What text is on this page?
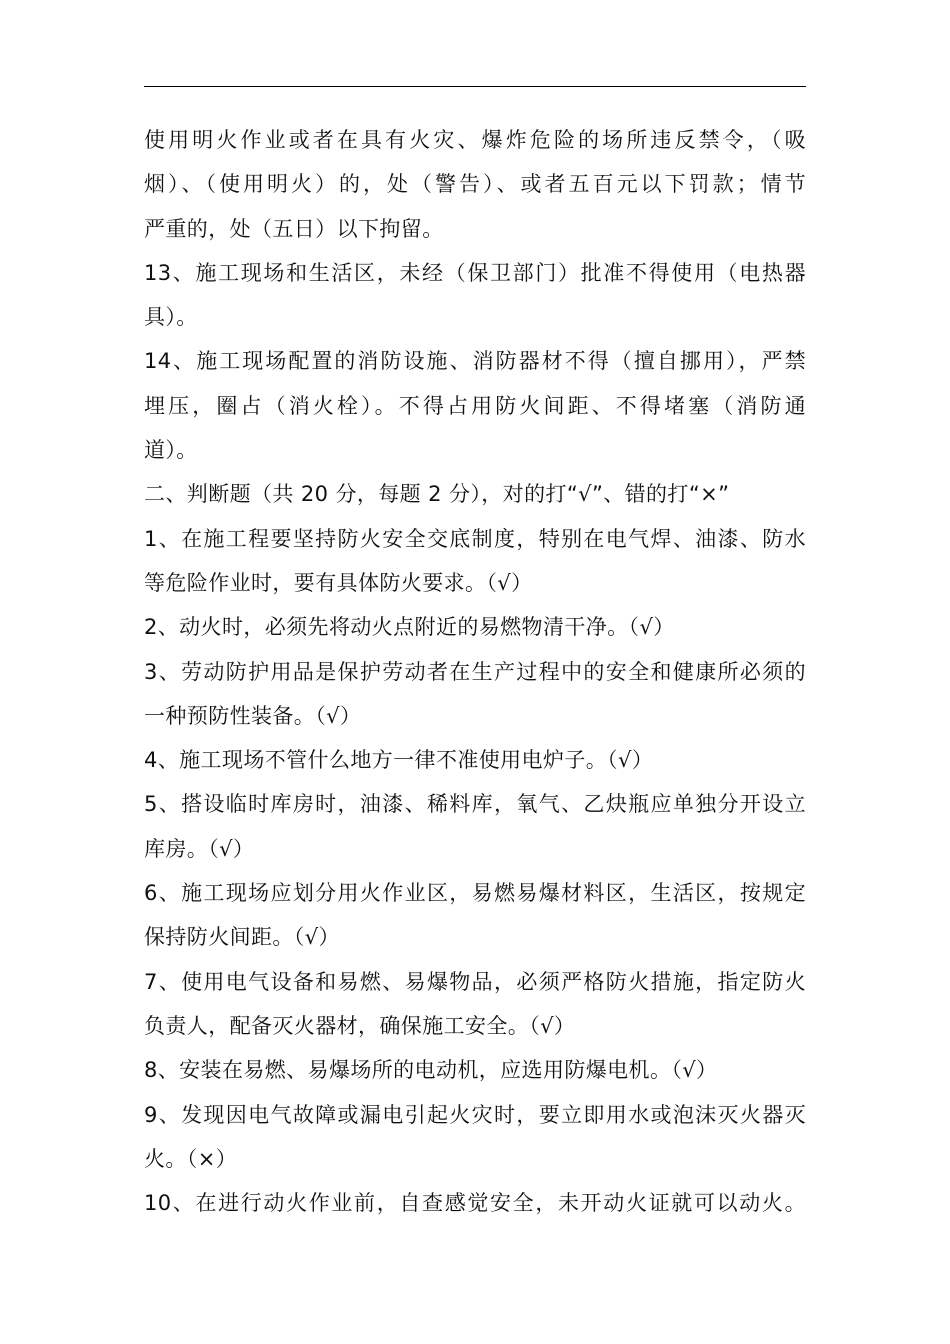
使用明火作业或者在具有火灾、爆炸危险的场所违反禁令，（吸
烟）、（使用明火）的，处（警告）、或者五百元以下罚款；情节
严重的，处（五日）以下拘留。
13、施工现场和生活区，未经（保卫部门）批准不得使用（电热器
具）。
14、施工现场配置的消防设施、消防器材不得（擅自挪用），严禁
埋压，圈占（消火栓）。不得占用防火间距、不得堵塞（消防通
道）。
二、判断题（共 20 分，每题 2 分），对的打“√”、错的打“×”
1、在施工程要坚持防火安全交底制度，特别在电气焊、油漆、防水
等危险作业时，要有具体防火要求。（√）
2、动火时，必须先将动火点附近的易燃物清干净。（√）
3、劳动防护用品是保护劳动者在生产过程中的安全和健康所必须的
一种预防性装备。（√）
4、施工现场不管什么地方一律不准使用电炉子。（√）
5、搭设临时库房时，油漆、稀料库，氧气、乙炔瓶应单独分开设立
库房。（√）
6、施工现场应划分用火作业区，易燃易爆材料区，生活区，按规定
保持防火间距。（√）
7、使用电气设备和易燃、易爆物品，必须严格防火措施，指定防火
负责人，配备灭火器材，确保施工安全。（√）
8、安装在易燃、易爆场所的电动机，应选用防爆电机。（√）
9、发现因电气故障或漏电引起火灾时，要立即用水或泡沫灭火器灭
火。（×）
10、在进行动火作业前，自查感觉安全，未开动火证就可以动火。
